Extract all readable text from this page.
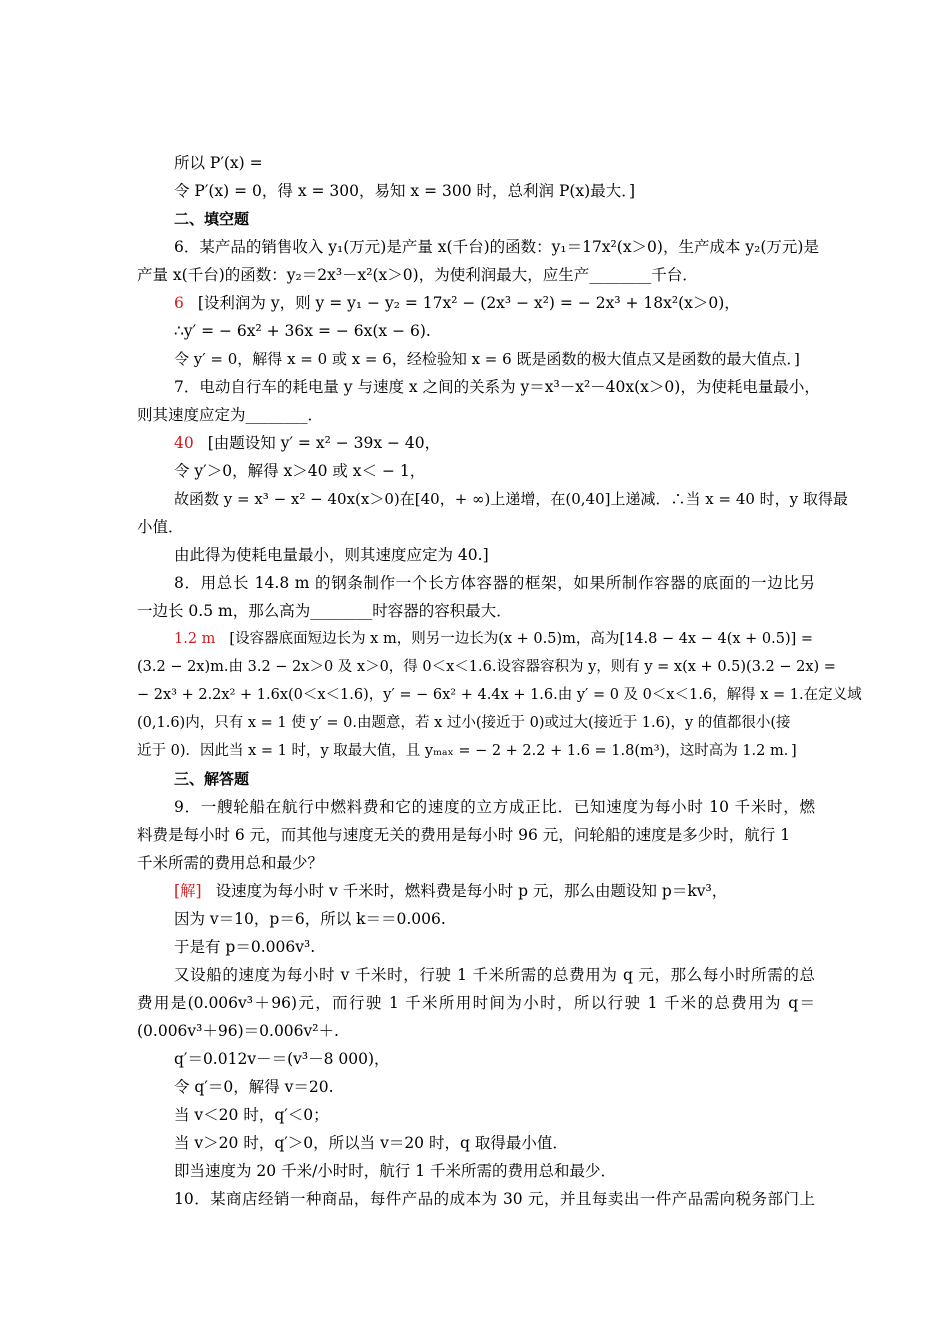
所以 P′(x) =
令 P′(x) = 0，得 x = 300，易知 x = 300 时，总利润 P(x)最大．]
二、填空题
6．某产品的销售收入 y₁(万元)是产量 x(千台)的函数：y₁＝17x²(x＞0)，生产成本 y₂(万元)是
产量 x(千台)的函数：y₂＝2x³－x²(x＞0)，为使利润最大，应生产________千台．
6 [设利润为 y，则 y = y₁ − y₂ = 17x² − (2x³ − x²) = − 2x³ + 18x²(x＞0)，
∴y′ = − 6x² + 36x = − 6x(x − 6).
令 y′ = 0，解得 x = 0 或 x = 6，经检验知 x = 6 既是函数的极大值点又是函数的最大值点．]
7．电动自行车的耗电量 y 与速度 x 之间的关系为 y＝x³－x²－40x(x＞0)，为使耗电量最小，
则其速度应定为________．
40 [由题设知 y′ = x² − 39x − 40，
令 y′＞0，解得 x＞40 或 x＜ − 1，
故函数 y = x³ − x² − 40x(x＞0)在[40，+ ∞)上递增，在(0,40]上递减．∴当 x = 40 时，y 取得最
小值．
由此得为使耗电量最小，则其速度应定为 40.]
8．用总长 14.8 m 的钢条制作一个长方体容器的框架，如果所制作容器的底面的一边比另
一边长 0.5 m，那么高为________时容器的容积最大．
1.2 m [设容器底面短边长为 x m，则另一边长为(x + 0.5)m，高为[14.8 − 4x − 4(x + 0.5)] =
(3.2 − 2x)m.由 3.2 − 2x＞0 及 x＞0，得 0＜x＜1.6.设容器容积为 y，则有 y = x(x + 0.5)(3.2 − 2x) =
− 2x³ + 2.2x² + 1.6x(0＜x＜1.6)，y′ = − 6x² + 4.4x + 1.6.由 y′ = 0 及 0＜x＜1.6，解得 x = 1.在定义域
(0,1.6)内，只有 x = 1 使 y′ = 0.由题意，若 x 过小(接近于 0)或过大(接近于 1.6)，y 的值都很小(接
近于 0)．因此当 x = 1 时，y 取最大值，且 yₘₐₓ = − 2 + 2.2 + 1.6 = 1.8(m³)，这时高为 1.2 m．]
三、解答题
9．一艘轮船在航行中燃料费和它的速度的立方成正比．已知速度为每小时 10 千米时，燃
料费是每小时 6 元，而其他与速度无关的费用是每小时 96 元，问轮船的速度是多少时，航行 1
千米所需的费用总和最少？
[解] 设速度为每小时 v 千米时，燃料费是每小时 p 元，那么由题设知 p＝kv³，
因为 v＝10，p＝6，所以 k＝＝0.006.
于是有 p＝0.006v³.
又设船的速度为每小时 v 千米时，行驶 1 千米所需的总费用为 q 元，那么每小时所需的总
费用是(0.006v³＋96)元，而行驶 1 千米所用时间为小时，所以行驶 1 千米的总费用为 q＝
(0.006v³＋96)＝0.006v²＋.
q′＝0.012v－＝(v³－8 000)，
令 q′＝0，解得 v＝20.
当 v＜20 时，q′＜0；
当 v＞20 时，q′＞0，所以当 v＝20 时，q 取得最小值．
即当速度为 20 千米/小时时，航行 1 千米所需的费用总和最少．
10．某商店经销一种商品，每件产品的成本为 30 元，并且每卖出一件产品需向税务部门上
